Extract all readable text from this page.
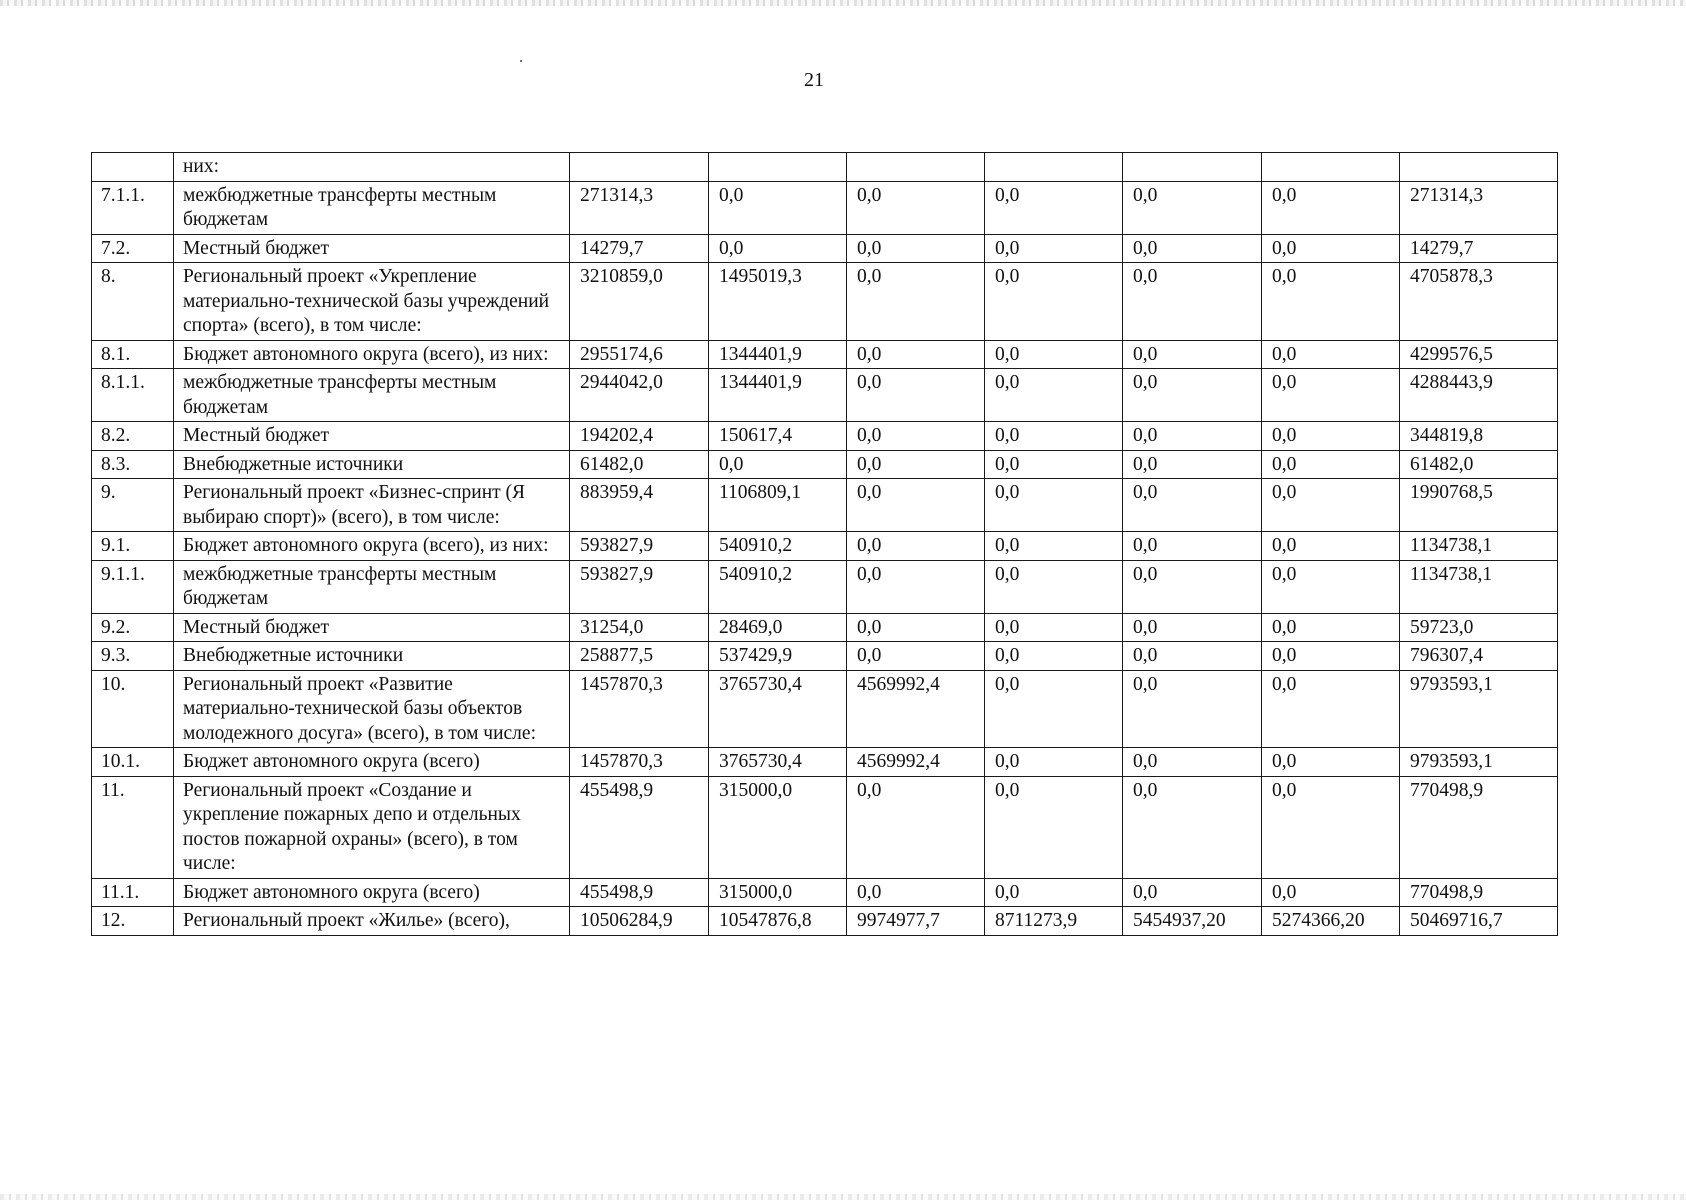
21
	них:							
7.1.1.	межбюджетные трансферты местным бюджетам	271314,3	0,0	0,0	0,0	0,0	0,0	271314,3
7.2.	Местный бюджет	14279,7	0,0	0,0	0,0	0,0	0,0	14279,7
8.	Региональный проект «Укрепление материально-технической базы учреждений спорта» (всего), в том числе:	3210859,0	1495019,3	0,0	0,0	0,0	0,0	4705878,3
8.1.	Бюджет автономного округа (всего), из них:	2955174,6	1344401,9	0,0	0,0	0,0	0,0	4299576,5
8.1.1.	межбюджетные трансферты местным бюджетам	2944042,0	1344401,9	0,0	0,0	0,0	0,0	4288443,9
8.2.	Местный бюджет	194202,4	150617,4	0,0	0,0	0,0	0,0	344819,8
8.3.	Внебюджетные источники	61482,0	0,0	0,0	0,0	0,0	0,0	61482,0
9.	Региональный проект «Бизнес-спринт (Я выбираю спорт)» (всего), в том числе:	883959,4	1106809,1	0,0	0,0	0,0	0,0	1990768,5
9.1.	Бюджет автономного округа (всего), из них:	593827,9	540910,2	0,0	0,0	0,0	0,0	1134738,1
9.1.1.	межбюджетные трансферты местным бюджетам	593827,9	540910,2	0,0	0,0	0,0	0,0	1134738,1
9.2.	Местный бюджет	31254,0	28469,0	0,0	0,0	0,0	0,0	59723,0
9.3.	Внебюджетные источники	258877,5	537429,9	0,0	0,0	0,0	0,0	796307,4
10.	Региональный проект «Развитие материально-технической базы объектов молодежного досуга» (всего), в том числе:	1457870,3	3765730,4	4569992,4	0,0	0,0	0,0	9793593,1
10.1.	Бюджет автономного округа (всего)	1457870,3	3765730,4	4569992,4	0,0	0,0	0,0	9793593,1
11.	Региональный проект «Создание и укрепление пожарных депо и отдельных постов пожарной охраны» (всего), в том числе:	455498,9	315000,0	0,0	0,0	0,0	0,0	770498,9
11.1.	Бюджет автономного округа (всего)	455498,9	315000,0	0,0	0,0	0,0	0,0	770498,9
12.	Региональный проект «Жилье» (всего),	10506284,9	10547876,8	9974977,7	8711273,9	5454937,20	5274366,20	50469716,7
